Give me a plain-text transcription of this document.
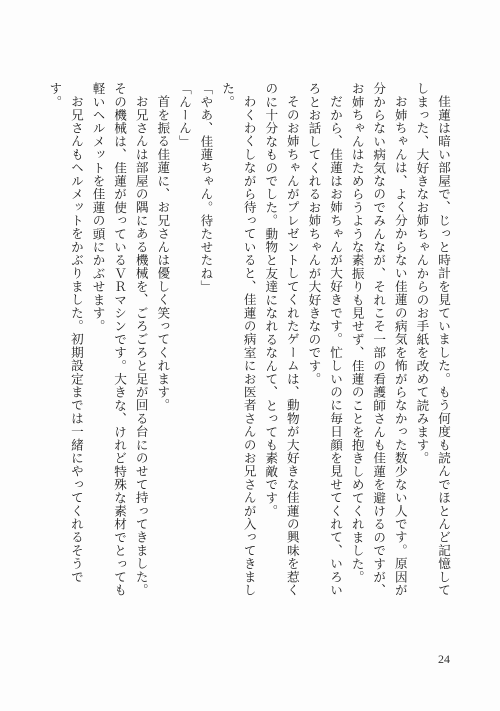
佳蓮は暗い部屋で、じっと時計を見ていました。もう何度も読んでほとんど記憶してしまった、大好きなお姉ちゃんからのお手紙を改めて読みます。

お姉ちゃんは、よく分からない佳蓮の病気を怖がらなかった数少ない人です。原因が分からない病気なのでみんなが、それこそ一部の看護師さんも佳蓮を避けるのですが、お姉ちゃんはためらうような素振りも見せず、佳蓮のことを抱きしめてくれました。

だから、佳蓮はお姉ちゃんが大好きです。忙しいのに毎日顔を見せてくれて、いろいろとお話してくれるお姉ちゃんが大好きなのです。

そのお姉ちゃんがプレゼントしてくれたゲームは、動物が大好きな佳蓮の興味を惹くのに十分なものでした。動物と友達になれるなんて、とっても素敵です。

わくわくしながら待っていると、佳蓮の病室にお医者さんのお兄さんが入ってきました。

「やあ、佳蓮ちゃん。待たせたね」

「んーん」

首を振る佳蓮に、お兄さんは優しく笑ってくれます。

お兄さんは部屋の隅にある機械を、ごろごろと足が回る台にのせて持ってきました。その機械は、佳蓮が使っているＶＲマシンです。大きな、けれど特殊な素材でとっても軽いヘルメットを佳蓮の頭にかぶせます。

お兄さんもヘルメットをかぶりました。初期設定までは一緒にやってくれるそうです。

24
